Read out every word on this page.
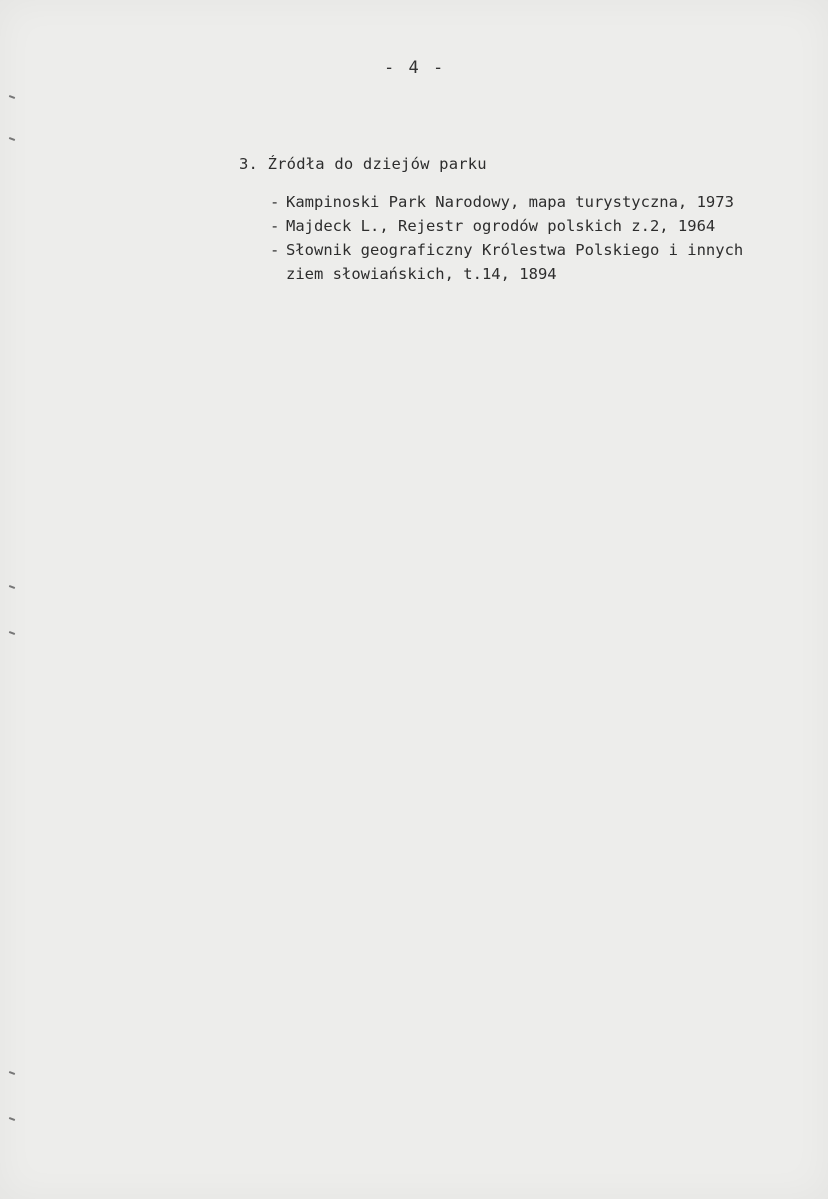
- 4 -
3. Źródła do dziejów parku
- Kampinoski Park Narodowy, mapa turystyczna, 1973
- Majdeck L., Rejestr ogrodów polskich z.2, 1964
- Słownik geograficzny Królestwa Polskiego i innych
ziem słowiańskich, t.14, 1894
